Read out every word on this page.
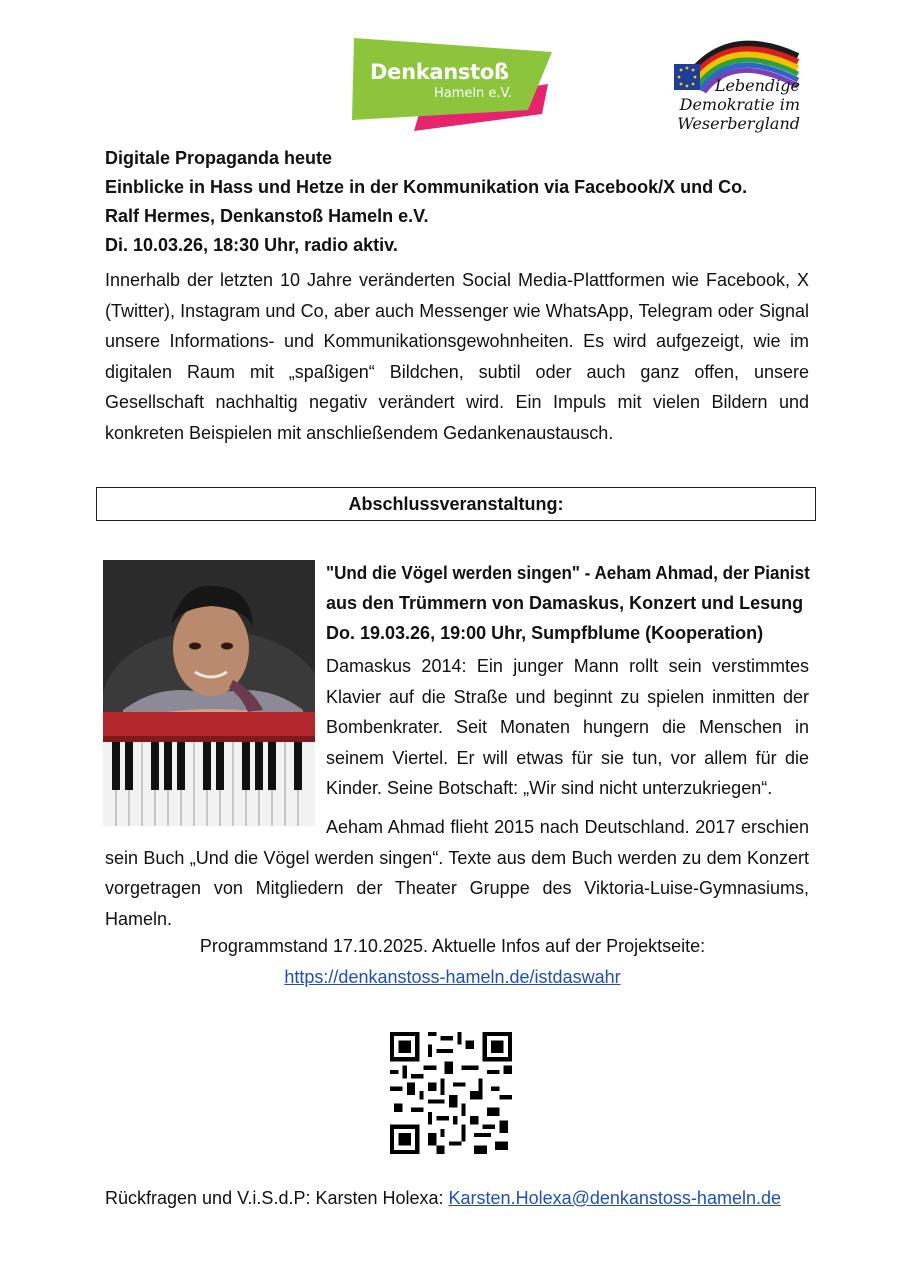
Denkanstoß
Hameln e.V.	Lebendige
Demokratie im
Weserbergland
Digitale Propaganda heute
Einblicke in Hass und Hetze in der Kommunikation via Facebook/X und Co.
Ralf Hermes, Denkanstoß Hameln e.V.
Di. 10.03.26, 18:30 Uhr, radio aktiv.
Innerhalb der letzten 10 Jahre veränderten Social Media-Plattformen wie Facebook, X (Twitter), Instagram und Co, aber auch Messenger wie WhatsApp, Telegram oder Signal unsere Informations- und Kommunikationsgewohnheiten. Es wird aufgezeigt, wie im digitalen Raum mit „spaßigen“ Bildchen, subtil oder auch ganz offen, unsere Gesellschaft nachhaltig negativ verändert wird. Ein Impuls mit vielen Bildern und konkreten Beispielen mit anschließendem Gedankenaustausch.
Abschlussveranstaltung:
"Und die Vögel werden singen" - Aeham Ahmad, der Pianist
aus den Trümmern von Damaskus, Konzert und Lesung
Do. 19.03.26, 19:00 Uhr, Sumpfblume (Kooperation)
Damaskus 2014: Ein junger Mann rollt sein verstimmtes Klavier auf die Straße und beginnt zu spielen inmitten der Bombenkrater. Seit Monaten hungern die Menschen in seinem Viertel. Er will etwas für sie tun, vor allem für die Kinder. Seine Botschaft: „Wir sind nicht unterzukriegen“.
Aeham Ahmad flieht 2015 nach Deutschland. 2017 erschien sein Buch „Und die Vögel werden singen“. Texte aus dem Buch werden zu dem Konzert vorgetragen von Mitgliedern der Theater Gruppe des Viktoria-Luise-Gymnasiums, Hameln.
Programmstand 17.10.2025. Aktuelle Infos auf der Projektseite:
https://denkanstoss-hameln.de/istdaswahr
Rückfragen und V.i.S.d.P: Karsten Holexa: Karsten.Holexa@denkanstoss-hameln.de
